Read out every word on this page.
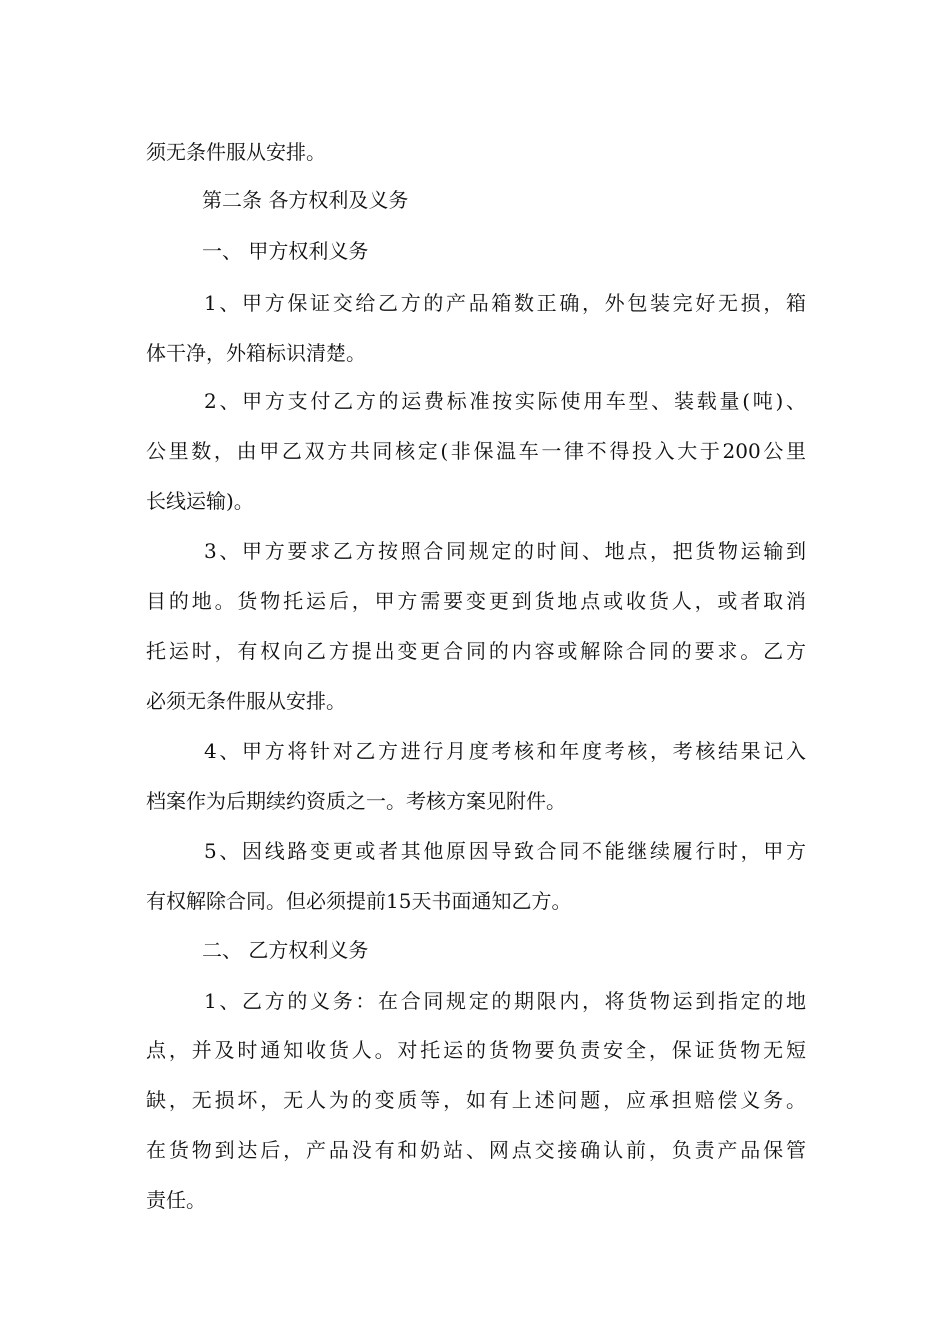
须无条件服从安排。

第二条 各方权利及义务

一、 甲方权利义务

1、甲方保证交给乙方的产品箱数正确，外包装完好无损，箱

体干净，外箱标识清楚。

2、甲方支付乙方的运费标准按实际使用车型、装载量(吨)、

公里数，由甲乙双方共同核定(非保温车一律不得投入大于200公里

长线运输)。

3、甲方要求乙方按照合同规定的时间、地点，把货物运输到

目的地。货物托运后，甲方需要变更到货地点或收货人，或者取消

托运时，有权向乙方提出变更合同的内容或解除合同的要求。乙方

必须无条件服从安排。

4、甲方将针对乙方进行月度考核和年度考核，考核结果记入

档案作为后期续约资质之一。考核方案见附件。

5、因线路变更或者其他原因导致合同不能继续履行时，甲方

有权解除合同。但必须提前15天书面通知乙方。

二、 乙方权利义务

1、乙方的义务：在合同规定的期限内，将货物运到指定的地

点，并及时通知收货人。对托运的货物要负责安全，保证货物无短

缺，无损坏，无人为的变质等，如有上述问题，应承担赔偿义务。

在货物到达后，产品没有和奶站、网点交接确认前，负责产品保管

责任。
